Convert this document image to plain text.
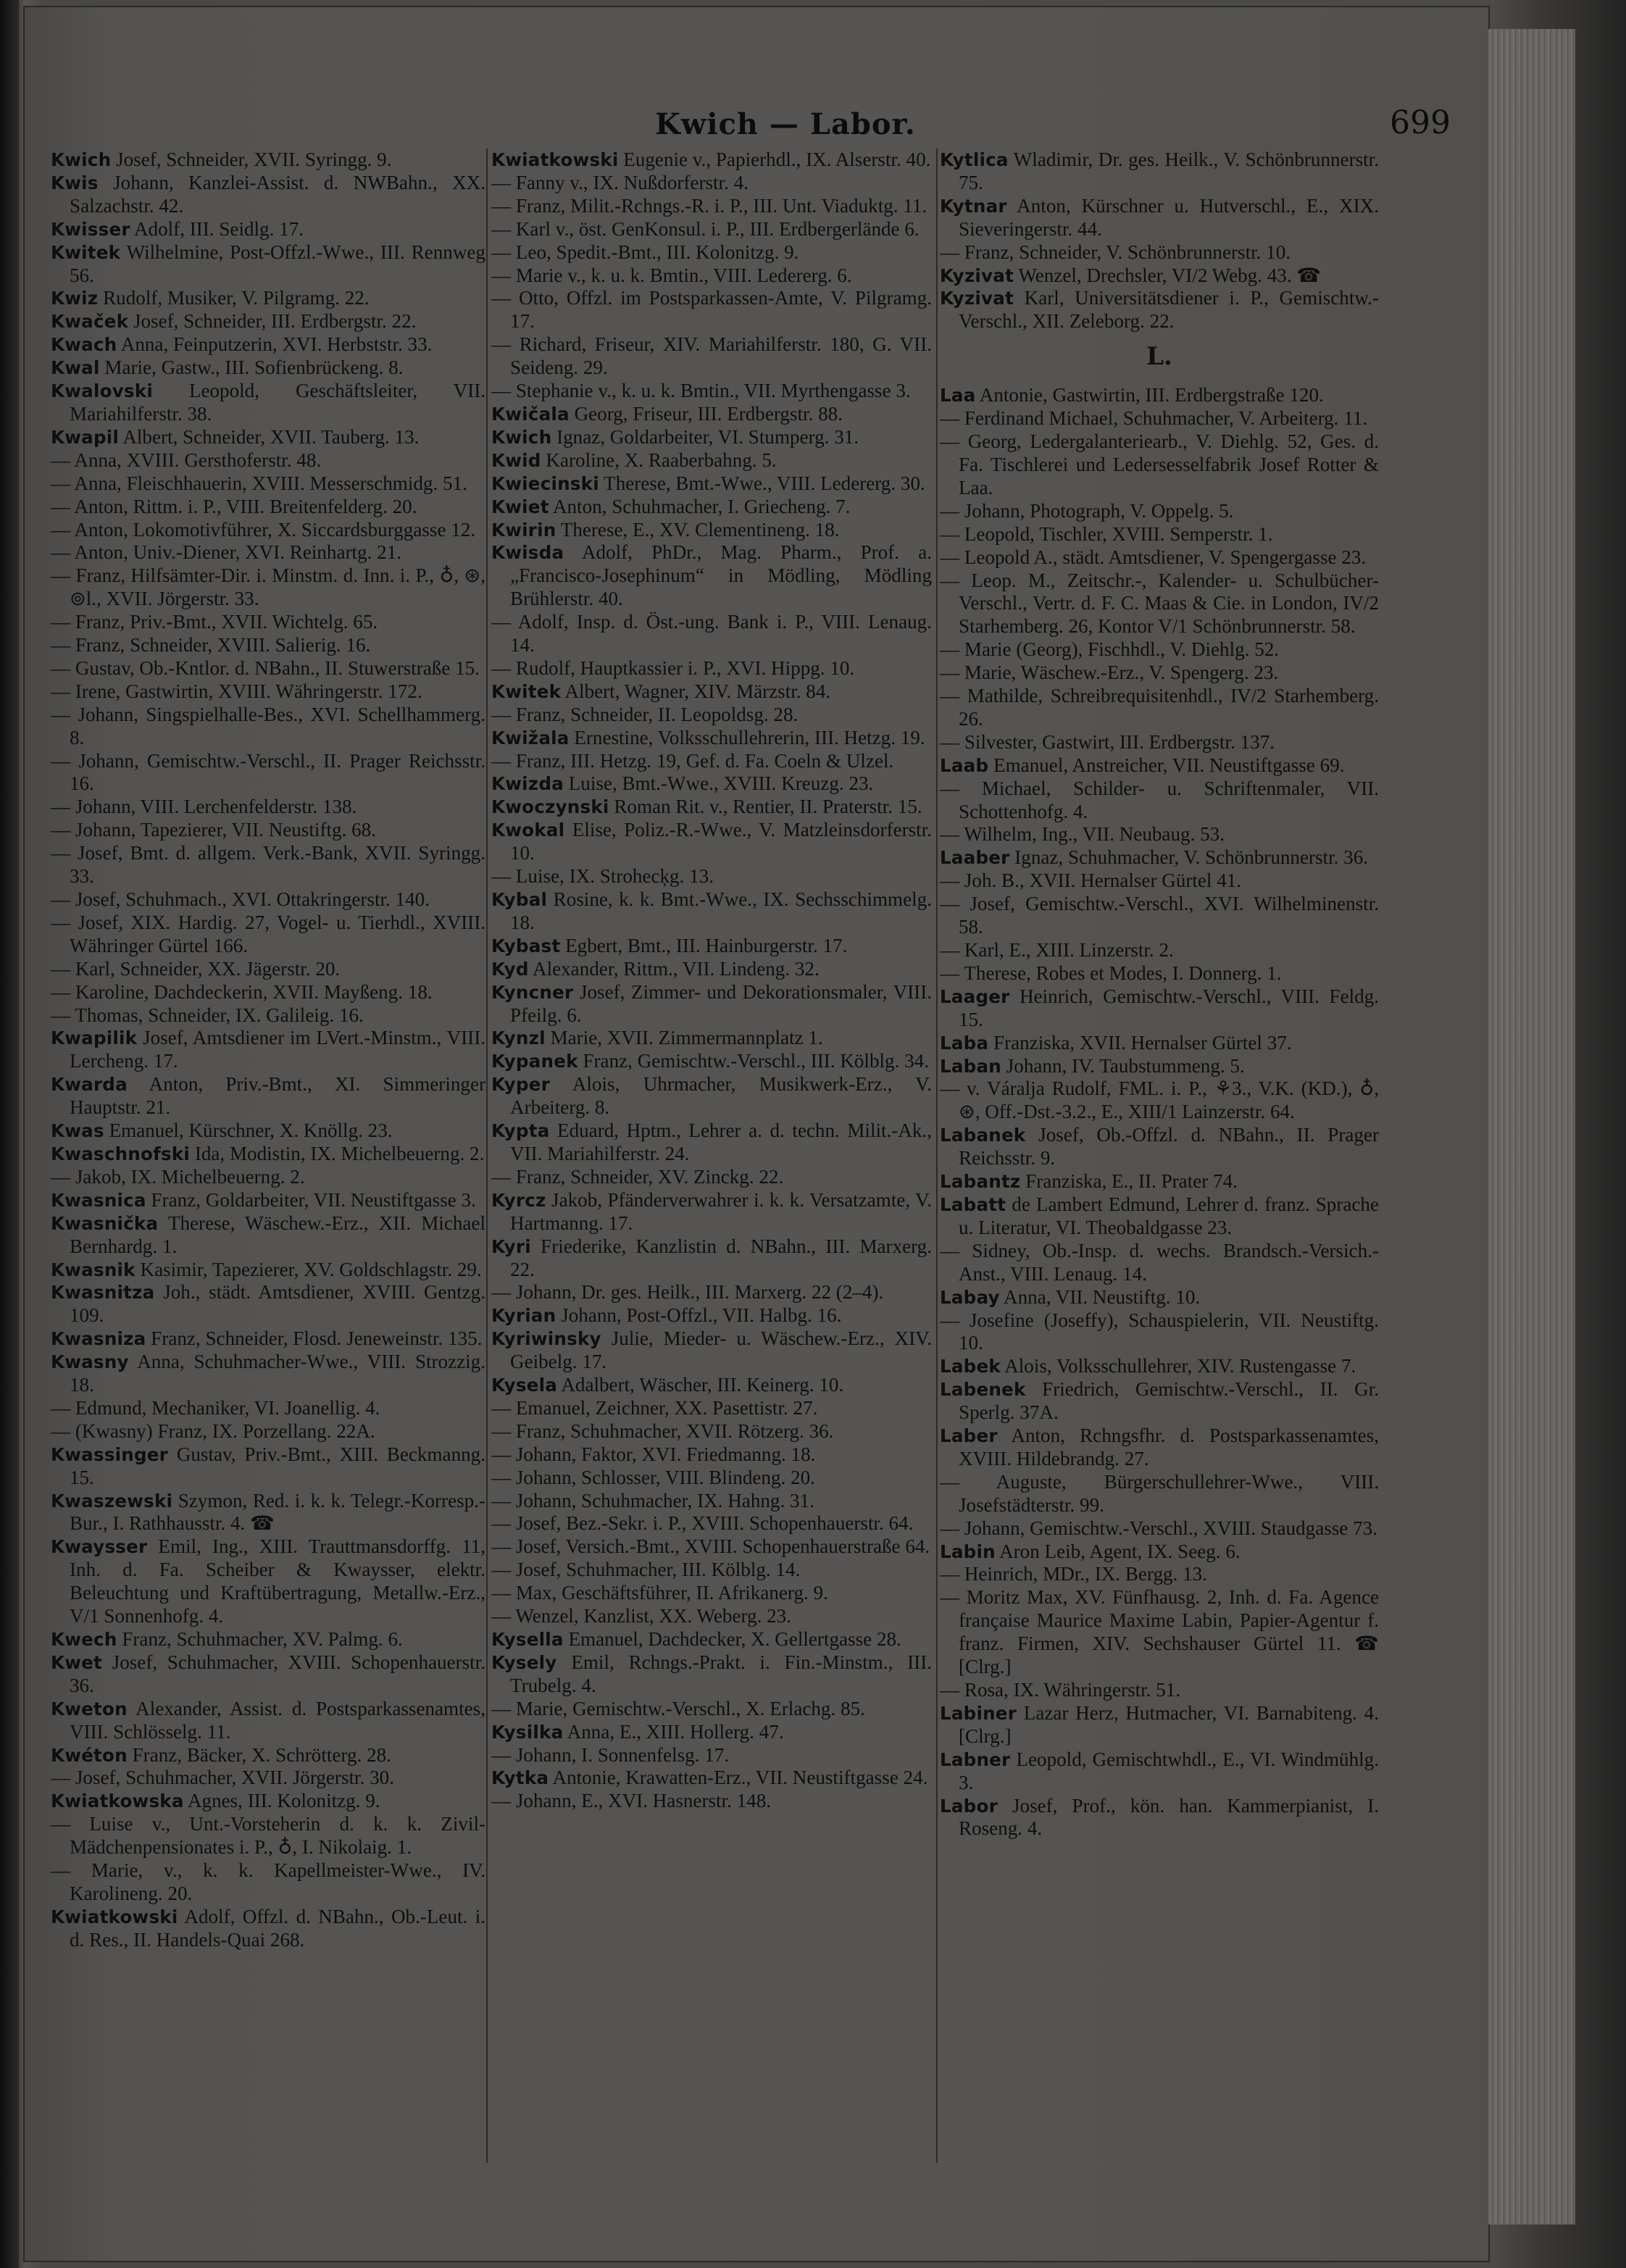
Kwich — Labor.	699

Kwich Josef, Schneider, XVII. Syringg. 9.

Kwis Johann, Kanzlei-Assist. d. NWBahn., XX. Salzachstr. 42.

Kwisser Adolf, III. Seidlg. 17.

Kwitek Wilhelmine, Post-Offzl.-Wwe., III. Rennweg 56.

Kwiz Rudolf, Musiker, V. Pilgramg. 22.

Kwaček Josef, Schneider, III. Erdbergstr. 22.

Kwach Anna, Feinputzerin, XVI. Herbststr. 33.

Kwal Marie, Gastw., III. Sofienbrückeng. 8.

Kwalovski Leopold, Geschäftsleiter, VII. Mariahilferstr. 38.

Kwapil Albert, Schneider, XVII. Tauberg. 13.

— Anna, XVIII. Gersthoferstr. 48.

— Anna, Fleischhauerin, XVIII. Messerschmidg. 51.

— Anton, Rittm. i. P., VIII. Breitenfelderg. 20.

— Anton, Lokomotivführer, X. Siccardsburggasse 12.

— Anton, Univ.-Diener, XVI. Reinhartg. 21.

— Franz, Hilfsämter-Dir. i. Minstm. d. Inn. i. P., ♁, ⊛, ⊚l., XVII. Jörgerstr. 33.

— Franz, Priv.-Bmt., XVII. Wichtelg. 65.

— Franz, Schneider, XVIII. Salierig. 16.

— Gustav, Ob.-Kntlor. d. NBahn., II. Stuwerstraße 15.

— Irene, Gastwirtin, XVIII. Währingerstr. 172.

— Johann, Singspielhalle-Bes., XVI. Schellhammerg. 8.

— Johann, Gemischtw.-Verschl., II. Prager Reichsstr. 16.

— Johann, VIII. Lerchenfelderstr. 138.

— Johann, Tapezierer, VII. Neustiftg. 68.

— Josef, Bmt. d. allgem. Verk.-Bank, XVII. Syringg. 33.

— Josef, Schuhmach., XVI. Ottakringerstr. 140.

— Josef, XIX. Hardig. 27, Vogel- u. Tierhdl., XVIII. Währinger Gürtel 166.

— Karl, Schneider, XX. Jägerstr. 20.

— Karoline, Dachdeckerin, XVII. Mayßeng. 18.

— Thomas, Schneider, IX. Galileig. 16.

Kwapilik Josef, Amtsdiener im LVert.-Minstm., VIII. Lercheng. 17.

Kwarda Anton, Priv.-Bmt., XI. Simmeringer Hauptstr. 21.

Kwas Emanuel, Kürschner, X. Knöllg. 23.

Kwaschnofski Ida, Modistin, IX. Michelbeuerng. 2.

— Jakob, IX. Michelbeuerng. 2.

Kwasnica Franz, Goldarbeiter, VII. Neustiftgasse 3.

Kwasnička Therese, Wäschew.-Erz., XII. Michael Bernhardg. 1.

Kwasnik Kasimir, Tapezierer, XV. Goldschlagstr. 29.

Kwasnitza Joh., städt. Amtsdiener, XVIII. Gentzg. 109.

Kwasniza Franz, Schneider, Flosd. Jeneweinstr. 135.

Kwasny Anna, Schuhmacher-Wwe., VIII. Strozzig. 18.

— Edmund, Mechaniker, VI. Joanellig. 4.

— (Kwasny) Franz, IX. Porzellang. 22A.

Kwassinger Gustav, Priv.-Bmt., XIII. Beckmanng. 15.

Kwaszewski Szymon, Red. i. k. k. Telegr.-Korresp.-Bur., I. Rathhausstr. 4. ☎

Kwaysser Emil, Ing., XIII. Trauttmansdorffg. 11, Inh. d. Fa. Scheiber & Kwaysser, elektr. Beleuchtung und Kraftübertragung, Metallw.-Erz., V/1 Sonnenhofg. 4.

Kwech Franz, Schuhmacher, XV. Palmg. 6.

Kwet Josef, Schuhmacher, XVIII. Schopenhauerstr. 36.

Kweton Alexander, Assist. d. Postsparkassenamtes, VIII. Schlösselg. 11.

Kwéton Franz, Bäcker, X. Schrötterg. 28.

— Josef, Schuhmacher, XVII. Jörgerstr. 30.

Kwiatkowska Agnes, III. Kolonitzg. 9.

— Luise v., Unt.-Vorsteherin d. k. k. Zivil-Mädchenpensionates i. P., ♁, I. Nikolaig. 1.

— Marie, v., k. k. Kapellmeister-Wwe., IV. Karolineng. 20.

Kwiatkowski Adolf, Offzl. d. NBahn., Ob.-Leut. i. d. Res., II. Handels-Quai 268.

Kwiatkowski Eugenie v., Papierhdl., IX. Alserstr. 40.

— Fanny v., IX. Nußdorferstr. 4.

— Franz, Milit.-Rchngs.-R. i. P., III. Unt. Viaduktg. 11.

— Karl v., öst. GenKonsul. i. P., III. Erdbergerlände 6.

— Leo, Spedit.-Bmt., III. Kolonitzg. 9.

— Marie v., k. u. k. Bmtin., VIII. Ledererg. 6.

— Otto, Offzl. im Postsparkassen-Amte, V. Pilgramg. 17.

— Richard, Friseur, XIV. Mariahilferstr. 180, G. VII. Seideng. 29.

— Stephanie v., k. u. k. Bmtin., VII. Myrthengasse 3.

Kwičala Georg, Friseur, III. Erdbergstr. 88.

Kwich Ignaz, Goldarbeiter, VI. Stumperg. 31.

Kwid Karoline, X. Raaberbahng. 5.

Kwiecinski Therese, Bmt.-Wwe., VIII. Ledererg. 30.

Kwiet Anton, Schuhmacher, I. Griecheng. 7.

Kwirin Therese, E., XV. Clementineng. 18.

Kwisda Adolf, PhDr., Mag. Pharm., Prof. a. „Francisco-Josephinum“ in Mödling, Mödling Brühlerstr. 40.

— Adolf, Insp. d. Öst.-ung. Bank i. P., VIII. Lenaug. 14.

— Rudolf, Hauptkassier i. P., XVI. Hippg. 10.

Kwitek Albert, Wagner, XIV. Märzstr. 84.

— Franz, Schneider, II. Leopoldsg. 28.

Kwižala Ernestine, Volksschullehrerin, III. Hetzg. 19.

— Franz, III. Hetzg. 19, Gef. d. Fa. Coeln & Ulzel.

Kwizda Luise, Bmt.-Wwe., XVIII. Kreuzg. 23.

Kwoczynski Roman Rit. v., Rentier, II. Praterstr. 15.

Kwokal Elise, Poliz.-R.-Wwe., V. Matzleinsdorferstr. 10.

— Luise, IX. Strohecķg. 13.

Kybal Rosine, k. k. Bmt.-Wwe., IX. Sechsschimmelg. 18.

Kybast Egbert, Bmt., III. Hainburgerstr. 17.

Kyd Alexander, Rittm., VII. Lindeng. 32.

Kyncner Josef, Zimmer- und Dekorationsmaler, VIII. Pfeilg. 6.

Kynzl Marie, XVII. Zimmermannplatz 1.

Kypanek Franz, Gemischtw.-Verschl., III. Kölblg. 34.

Kyper Alois, Uhrmacher, Musikwerk-Erz., V. Arbeiterg. 8.

Kypta Eduard, Hptm., Lehrer a. d. techn. Milit.-Ak., VII. Mariahilferstr. 24.

— Franz, Schneider, XV. Zinckg. 22.

Kyrcz Jakob, Pfänderverwahrer i. k. k. Versatzamte, V. Hartmanng. 17.

Kyri Friederike, Kanzlistin d. NBahn., III. Marxerg. 22.

— Johann, Dr. ges. Heilk., III. Marxerg. 22 (2–4).

Kyrian Johann, Post-Offzl., VII. Halbg. 16.

Kyriwinsky Julie, Mieder- u. Wäschew.-Erz., XIV. Geibelg. 17.

Kysela Adalbert, Wäscher, III. Keinerg. 10.

— Emanuel, Zeichner, XX. Pasettistr. 27.

— Franz, Schuhmacher, XVII. Rötzerg. 36.

— Johann, Faktor, XVI. Friedmanng. 18.

— Johann, Schlosser, VIII. Blindeng. 20.

— Johann, Schuhmacher, IX. Hahng. 31.

— Josef, Bez.-Sekr. i. P., XVIII. Schopenhauerstr. 64.

— Josef, Versich.-Bmt., XVIII. Schopenhauerstraße 64.

— Josef, Schuhmacher, III. Kölblg. 14.

— Max, Geschäftsführer, II. Afrikanerg. 9.

— Wenzel, Kanzlist, XX. Weberg. 23.

Kysella Emanuel, Dachdecker, X. Gellertgasse 28.

Kysely Emil, Rchngs.-Prakt. i. Fin.-Minstm., III. Trubelg. 4.

— Marie, Gemischtw.-Verschl., X. Erlachg. 85.

Kysilka Anna, E., XIII. Hollerg. 47.

— Johann, I. Sonnenfelsg. 17.

Kytka Antonie, Krawatten-Erz., VII. Neustiftgasse 24.

— Johann, E., XVI. Hasnerstr. 148.

Kytlica Wladimir, Dr. ges. Heilk., V. Schönbrunnerstr. 75.

Kytnar Anton, Kürschner u. Hutverschl., E., XIX. Sieveringerstr. 44.

— Franz, Schneider, V. Schönbrunnerstr. 10.

Kyzivat Wenzel, Drechsler, VI/2 Webg. 43. ☎

Kyzivat Karl, Universitätsdiener i. P., Gemischtw.-Verschl., XII. Zeleborg. 22.

L.

Laa Antonie, Gastwirtin, III. Erdbergstraße 120.

— Ferdinand Michael, Schuhmacher, V. Arbeiterg. 11.

— Georg, Ledergalanteriearb., V. Diehlg. 52, Ges. d. Fa. Tischlerei und Ledersesselfabrik Josef Rotter & Laa.

— Johann, Photograph, V. Oppelg. 5.

— Leopold, Tischler, XVIII. Semperstr. 1.

— Leopold A., städt. Amtsdiener, V. Spengergasse 23.

— Leop. M., Zeitschr.-, Kalender- u. Schulbücher-Verschl., Vertr. d. F. C. Maas & Cie. in London, IV/2 Starhemberg. 26, Kontor V/1 Schönbrunnerstr. 58.

— Marie (Georg), Fischhdl., V. Diehlg. 52.

— Marie, Wäschew.-Erz., V. Spengerg. 23.

— Mathilde, Schreibrequisitenhdl., IV/2 Starhemberg. 26.

— Silvester, Gastwirt, III. Erdbergstr. 137.

Laab Emanuel, Anstreicher, VII. Neustiftgasse 69.

— Michael, Schilder- u. Schriftenmaler, VII. Schottenhofg. 4.

— Wilhelm, Ing., VII. Neubaug. 53.

Laaber Ignaz, Schuhmacher, V. Schönbrunnerstr. 36.

— Joh. B., XVII. Hernalser Gürtel 41.

— Josef, Gemischtw.-Verschl., XVI. Wilhelminenstr. 58.

— Karl, E., XIII. Linzerstr. 2.

— Therese, Robes et Modes, I. Donnerg. 1.

Laager Heinrich, Gemischtw.-Verschl., VIII. Feldg. 15.

Laba Franziska, XVII. Hernalser Gürtel 37.

Laban Johann, IV. Taubstummeng. 5.

— v. Váralja Rudolf, FML. i. P., ⚘3., V.K. (KD.), ♁, ⊛, Off.-Dst.-3.2., E., XIII/1 Lainzerstr. 64.

Labanek Josef, Ob.-Offzl. d. NBahn., II. Prager Reichsstr. 9.

Labantz Franziska, E., II. Prater 74.

Labatt de Lambert Edmund, Lehrer d. franz. Sprache u. Literatur, VI. Theobaldgasse 23.

— Sidney, Ob.-Insp. d. wechs. Brandsch.-Versich.-Anst., VIII. Lenaug. 14.

Labay Anna, VII. Neustiftg. 10.

— Josefine (Joseffy), Schauspielerin, VII. Neustiftg. 10.

Labek Alois, Volksschullehrer, XIV. Rustengasse 7.

Labenek Friedrich, Gemischtw.-Verschl., II. Gr. Sperlg. 37A.

Laber Anton, Rchngsfhr. d. Postsparkassenamtes, XVIII. Hildebrandg. 27.

— Auguste, Bürgerschullehrer-Wwe., VIII. Josefstädterstr. 99.

— Johann, Gemischtw.-Verschl., XVIII. Staudgasse 73.

Labin Aron Leib, Agent, IX. Seeg. 6.

— Heinrich, MDr., IX. Bergg. 13.

— Moritz Max, XV. Fünfhausg. 2, Inh. d. Fa. Agence française Maurice Maxime Labin, Papier-Agentur f. franz. Firmen, XIV. Sechshauser Gürtel 11. ☎ [Clrg.]

— Rosa, IX. Währingerstr. 51.

Labiner Lazar Herz, Hutmacher, VI. Barnabiteng. 4. [Clrg.]

Labner Leopold, Gemischtwhdl., E., VI. Windmühlg. 3.

Labor Josef, Prof., kön. han. Kammerpianist, I. Roseng. 4.
